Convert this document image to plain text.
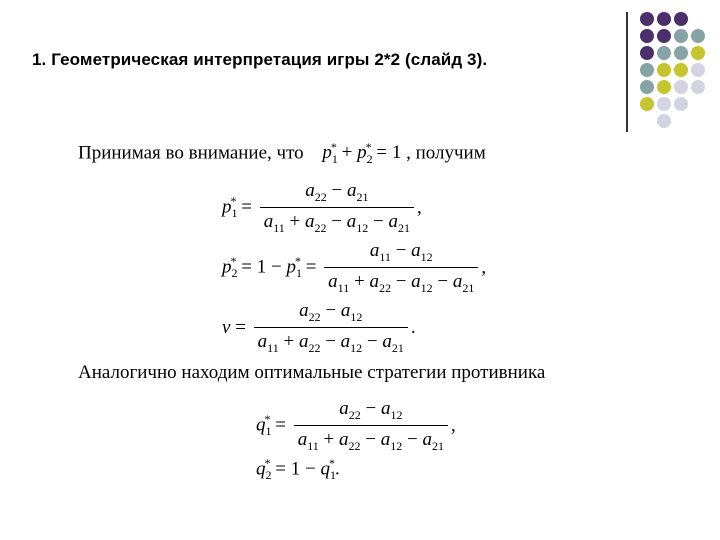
1. Геометрическая интерпретация игры 2*2 (слайд 3).
Принимая во внимание, что $p_1^* + p_2^* = 1$ , получим
$p_1^* = \frac{a_{22} - a_{21}}{a_{11} + a_{22} - a_{12} - a_{21}}$ ,
$p_2^* = 1 - p_1^* = \frac{a_{11} - a_{12}}{a_{11} + a_{22} - a_{12} - a_{21}}$ ,
$\nu = \frac{a_{22} - a_{12}}{a_{11} + a_{22} - a_{12} - a_{21}}$ .
Аналогично находим оптимальные стратегии противника
$q_1^* = \frac{a_{22} - a_{12}}{a_{11} + a_{22} - a_{12} - a_{21}}$ ,
$q_2^* = 1 - q_1^*$.
